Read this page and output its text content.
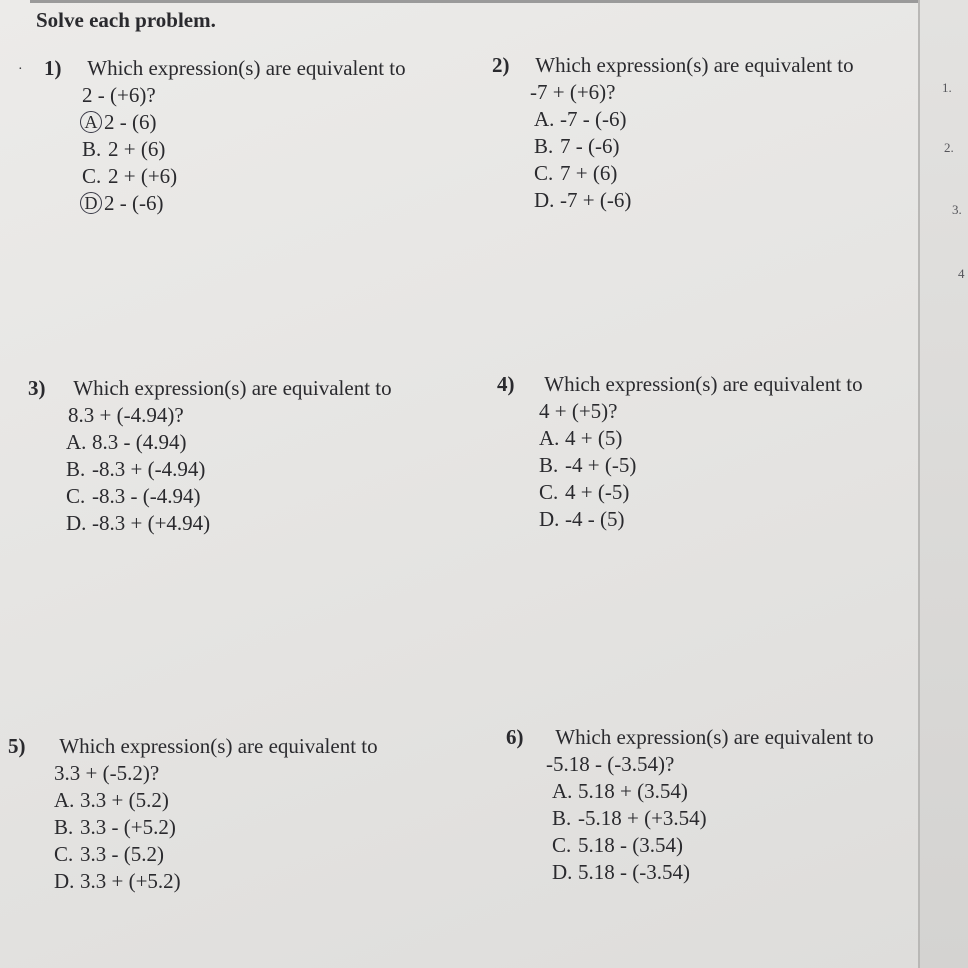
Solve each problem.
· 1) Which expression(s) are equivalent to
2 - (+6)?
A 2 - (6)
B. 2 + (6)
C. 2 + (+6)
D 2 - (-6)
2) Which expression(s) are equivalent to
-7 + (+6)?
A. -7 - (-6)
B. 7 - (-6)
C. 7 + (6)
D. -7 + (-6)
3) Which expression(s) are equivalent to
8.3 + (-4.94)?
A. 8.3 - (4.94)
B. -8.3 + (-4.94)
C. -8.3 - (-4.94)
D. -8.3 + (+4.94)
4) Which expression(s) are equivalent to
4 + (+5)?
A. 4 + (5)
B. -4 + (-5)
C. 4 + (-5)
D. -4 - (5)
5) Which expression(s) are equivalent to
3.3 + (-5.2)?
A. 3.3 + (5.2)
B. 3.3 - (+5.2)
C. 3.3 - (5.2)
D. 3.3 + (+5.2)
6) Which expression(s) are equivalent to
-5.18 - (-3.54)?
A. 5.18 + (3.54)
B. -5.18 + (+3.54)
C. 5.18 - (3.54)
D. 5.18 - (-3.54)
1.
2.
3.
4
